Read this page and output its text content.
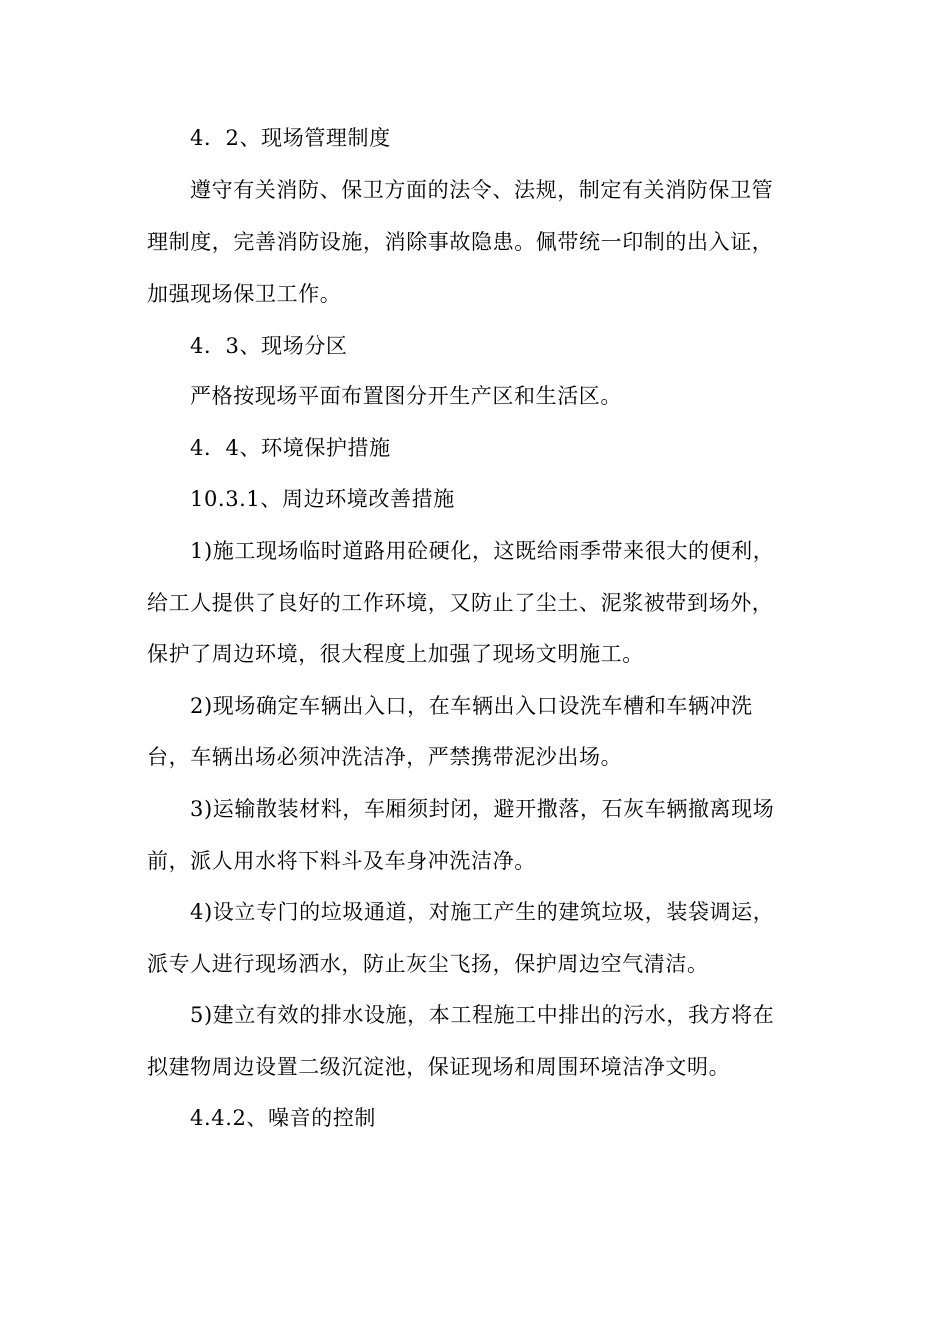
4．2、现场管理制度
遵守有关消防、保卫方面的法令、法规，制定有关消防保卫管
理制度，完善消防设施，消除事故隐患。佩带统一印制的出入证，
加强现场保卫工作。
4．3、现场分区
严格按现场平面布置图分开生产区和生活区。
4．4、环境保护措施
10.3.1、周边环境改善措施
1)施工现场临时道路用砼硬化，这既给雨季带来很大的便利，
给工人提供了良好的工作环境，又防止了尘土、泥浆被带到场外，
保护了周边环境，很大程度上加强了现场文明施工。
2)现场确定车辆出入口，在车辆出入口设洗车槽和车辆冲洗
台，车辆出场必须冲洗洁净，严禁携带泥沙出场。
3)运输散装材料，车厢须封闭，避开撒落，石灰车辆撤离现场
前，派人用水将下料斗及车身冲洗洁净。
4)设立专门的垃圾通道，对施工产生的建筑垃圾，装袋调运，
派专人进行现场洒水，防止灰尘飞扬，保护周边空气清洁。
5)建立有效的排水设施，本工程施工中排出的污水，我方将在
拟建物周边设置二级沉淀池，保证现场和周围环境洁净文明。
4.4.2、噪音的控制
